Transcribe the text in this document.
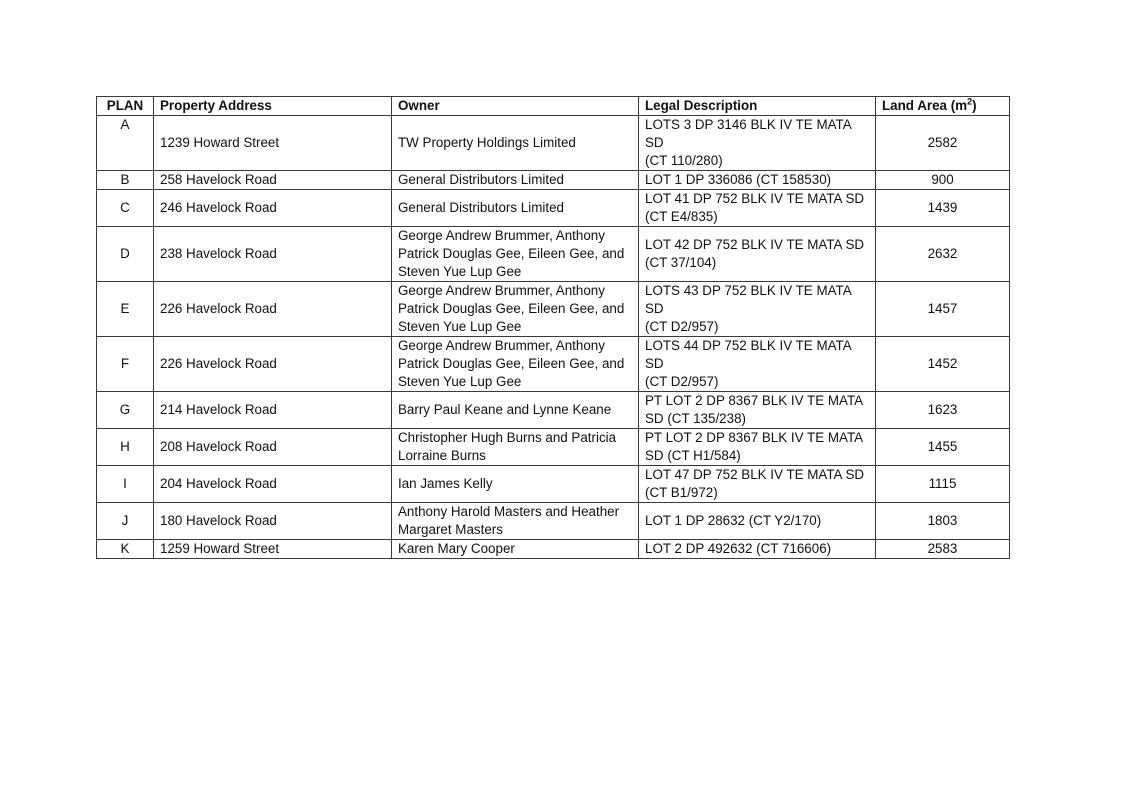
PLAN	Property Address	Owner	Legal Description	Land Area $(m^2)$
A	1239 Howard Street	TW Property Holdings Limited	LOTS 3 DP 3146 BLK IV TE MATA SD
(CT 110/280)	2582
B	258 Havelock Road	General Distributors Limited	LOT 1 DP 336086 (CT 158530)	900
C	246 Havelock Road	General Distributors Limited	LOT 41 DP 752 BLK IV TE MATA SD
(CT E4/835)	1439
D	238 Havelock Road	George Andrew Brummer, Anthony
Patrick Douglas Gee, Eileen Gee, and
Steven Yue Lup Gee	LOT 42 DP 752 BLK IV TE MATA SD
(CT 37/104)	2632
E	226 Havelock Road	George Andrew Brummer, Anthony
Patrick Douglas Gee, Eileen Gee, and
Steven Yue Lup Gee	LOTS 43 DP 752 BLK IV TE MATA SD
(CT D2/957)	1457
F	226 Havelock Road	George Andrew Brummer, Anthony
Patrick Douglas Gee, Eileen Gee, and
Steven Yue Lup Gee	LOTS 44 DP 752 BLK IV TE MATA SD
(CT D2/957)	1452
G	214 Havelock Road	Barry Paul Keane and Lynne Keane	PT LOT 2 DP 8367 BLK IV TE MATA
SD (CT 135/238)	1623
H	208 Havelock Road	Christopher Hugh Burns and Patricia
Lorraine Burns	PT LOT 2 DP 8367 BLK IV TE MATA
SD (CT H1/584)	1455
I	204 Havelock Road	Ian James Kelly	LOT 47 DP 752 BLK IV TE MATA SD
(CT B1/972)	1115
J	180 Havelock Road	Anthony Harold Masters and Heather
Margaret Masters	LOT 1 DP 28632 (CT Y2/170)	1803
K	1259 Howard Street	Karen Mary Cooper	LOT 2 DP 492632 (CT 716606)	2583
